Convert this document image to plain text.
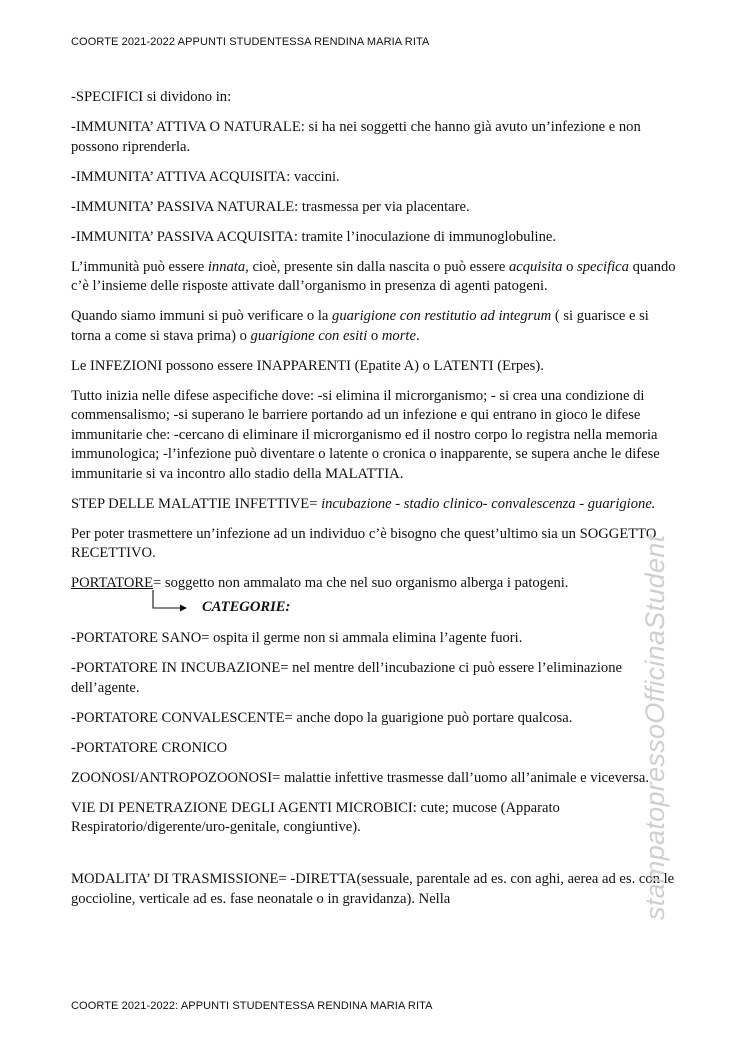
COORTE 2021-2022 APPUNTI STUDENTESSA RENDINA MARIA RITA

-SPECIFICI si dividono in:

-IMMUNITA’ ATTIVA O NATURALE: si ha nei soggetti che hanno già avuto un’infezione e non possono riprenderla.

-IMMUNITA’ ATTIVA ACQUISITA: vaccini.

-IMMUNITA’ PASSIVA NATURALE: trasmessa per via placentare.

-IMMUNITA’ PASSIVA ACQUISITA: tramite l’inoculazione di immunoglobuline.

L’immunità può essere innata, cioè, presente sin dalla nascita o può essere acquisita o specifica quando c’è l’insieme delle risposte attivate dall’organismo in presenza di agenti patogeni.

Quando siamo immuni si può verificare o la guarigione con restitutio ad integrum ( si guarisce e si torna a come si stava prima) o guarigione con esiti o morte.

Le INFEZIONI possono essere INAPPARENTI (Epatite A) o LATENTI (Erpes).

Tutto inizia nelle difese aspecifiche dove: -si elimina il microrganismo; - si crea una condizione di commensalismo; -si superano le barriere portando ad un infezione e qui entrano in gioco le difese immunitarie che: -cercano di eliminare il microrganismo ed il nostro corpo lo registra nella memoria immunologica; -l’infezione può diventare o latente o cronica o inapparente, se supera anche le difese immunitarie si va incontro allo stadio della MALATTIA.

STEP DELLE MALATTIE INFETTIVE= incubazione - stadio clinico- convalescenza - guarigione.

Per poter trasmettere un’infezione ad un individuo c’è bisogno che quest’ultimo sia un SOGGETTO RECETTIVO.

PORTATORE= soggetto non ammalato ma che nel suo organismo alberga i patogeni.

CATEGORIE:

-PORTATORE SANO= ospita il germe non si ammala elimina l’agente fuori.

-PORTATORE IN INCUBAZIONE= nel mentre dell’incubazione ci può essere l’eliminazione dell’agente.

-PORTATORE CONVALESCENTE= anche dopo la guarigione può portare qualcosa.

-PORTATORE CRONICO

ZOONOSI/ANTROPOZOONOSI= malattie infettive trasmesse dall’uomo all’animale e viceversa.

VIE DI PENETRAZIONE DEGLI AGENTI MICROBICI: cute; mucose (Apparato Respiratorio/digerente/uro-genitale, congiuntive).

MODALITA’ DI TRASMISSIONE= -DIRETTA(sessuale, parentale ad es. con aghi, aerea ad es. con le goccioline, verticale ad es. fase neonatale o in gravidanza). Nella	stampatopressoOfficinaStudent
COORTE 2021-2022: APPUNTI STUDENTESSA RENDINA MARIA RITA
